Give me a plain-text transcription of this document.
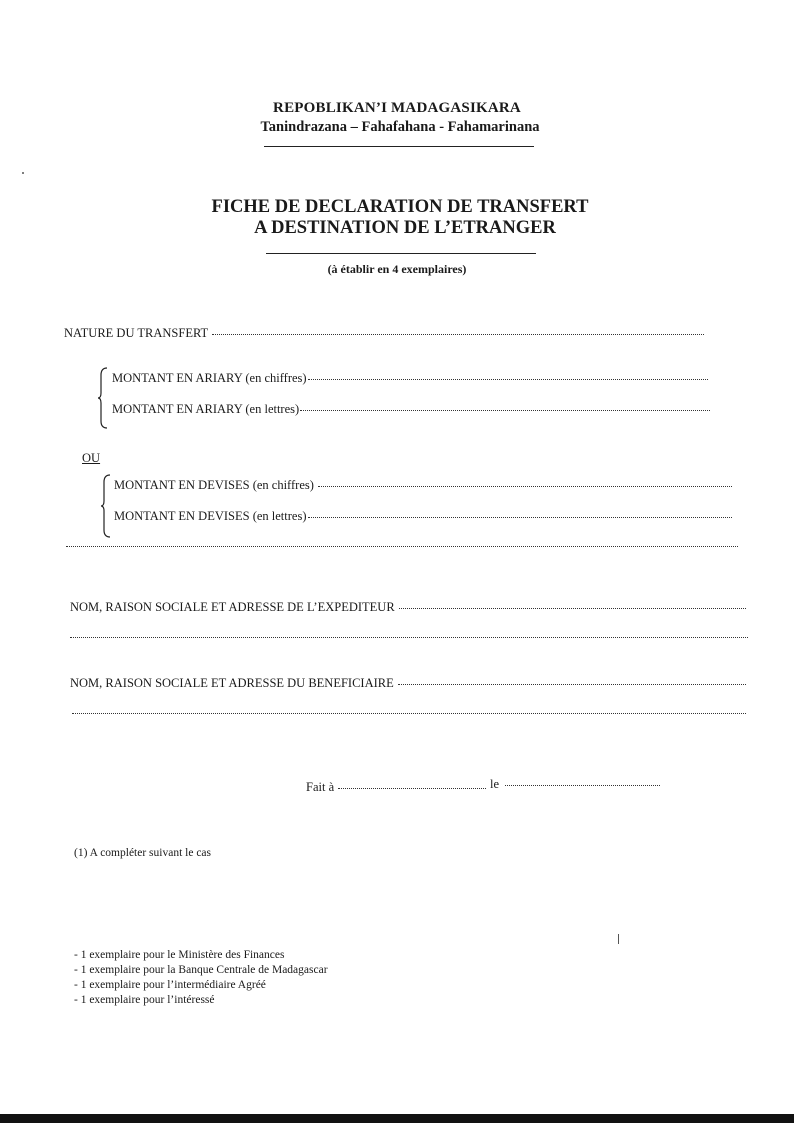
REPOBLIKAN’I MADAGASIKARA
Tanindrazana – Fahafahana - Fahamarinana
FICHE DE DECLARATION DE TRANSFERT
A DESTINATION DE L’ETRANGER
(à établir en 4 exemplaires)
NATURE DU TRANSFERT
MONTANT EN ARIARY (en chiffres)
MONTANT EN ARIARY (en lettres)
OU
MONTANT EN DEVISES (en chiffres)
MONTANT EN DEVISES (en lettres)
NOM, RAISON SOCIALE ET ADRESSE DE L’EXPEDITEUR
NOM, RAISON SOCIALE ET ADRESSE DU BENEFICIAIRE
Fait à	le
(1) A compléter suivant le cas
- 1 exemplaire pour le Ministère des Finances
- 1 exemplaire pour la Banque Centrale de Madagascar
- 1 exemplaire pour l’intermédiaire Agréé
- 1 exemplaire pour l’intéressé
